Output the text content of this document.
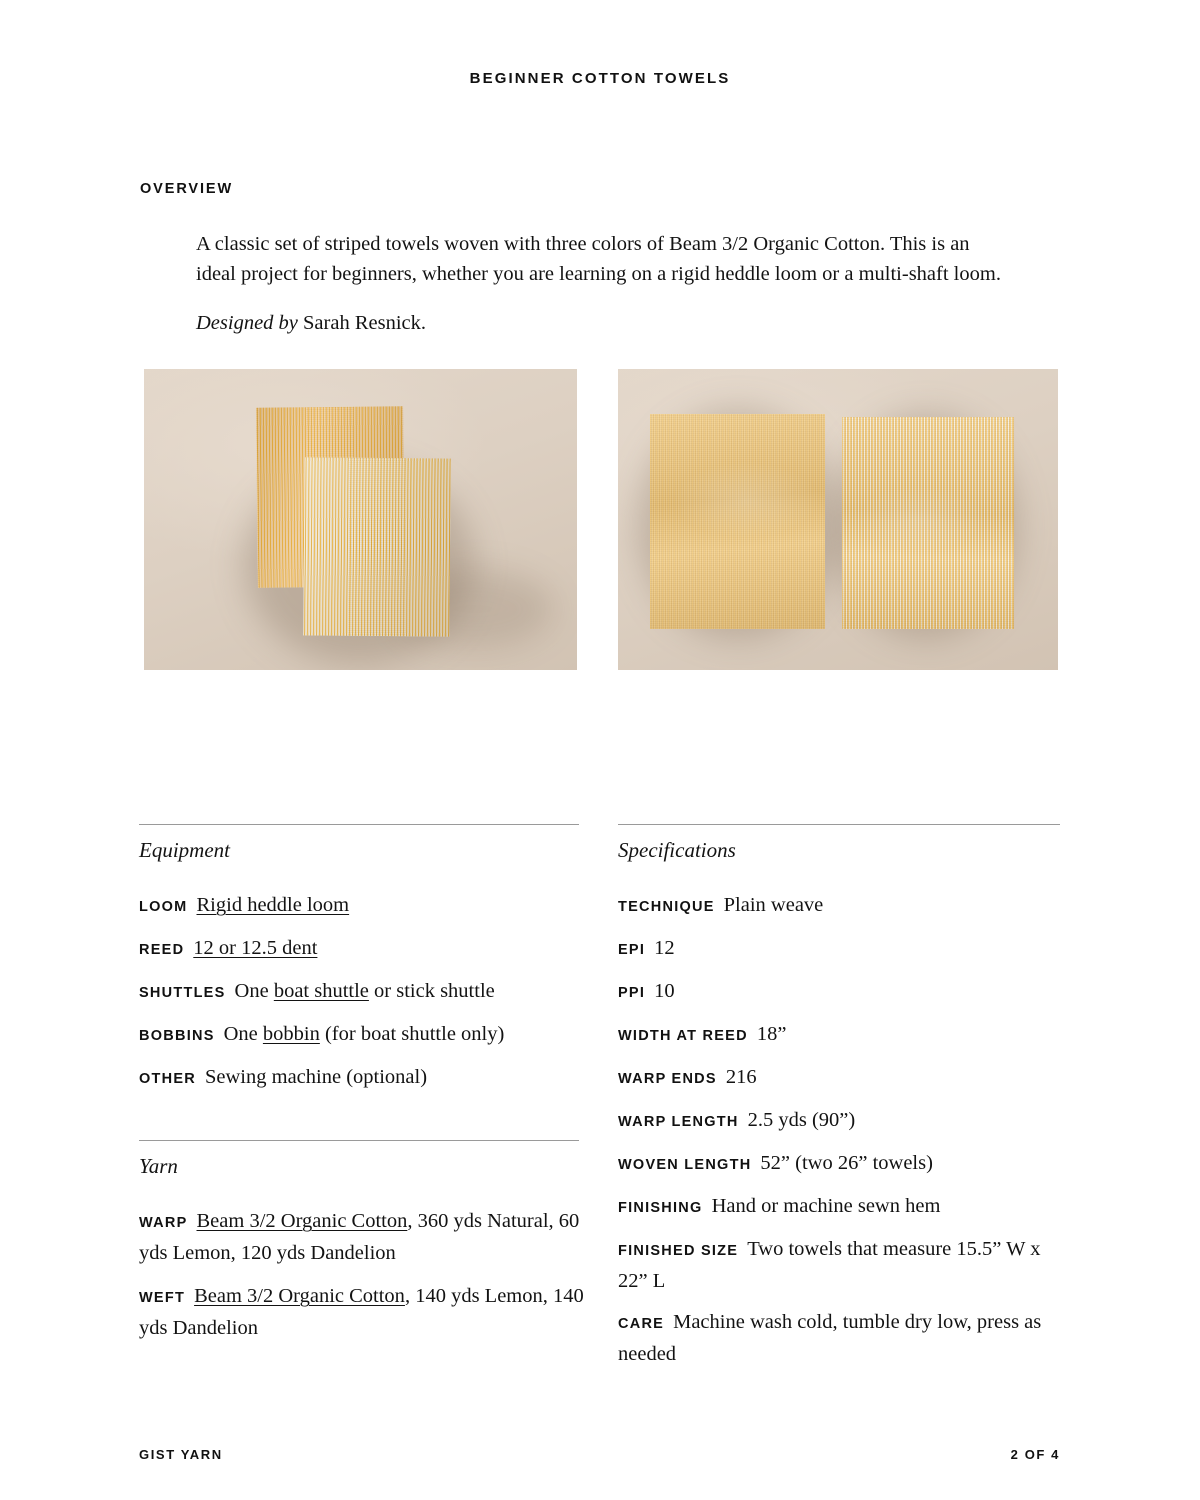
BEGINNER COTTON TOWELS
OVERVIEW

A classic set of striped towels woven with three colors of Beam 3/2 Organic Cotton. This is an ideal project for beginners, whether you are learning on a rigid heddle loom or a multi-shaft loom.

Designed by Sarah Resnick.

Equipment
LOOM Rigid heddle loom
REED 12 or 12.5 dent
SHUTTLES One boat shuttle or stick shuttle
BOBBINS One bobbin (for boat shuttle only)
OTHER Sewing machine (optional)
Yarn
WARP Beam 3/2 Organic Cotton, 360 yds Natural, 60 yds Lemon, 120 yds Dandelion
WEFT Beam 3/2 Organic Cotton, 140 yds Lemon, 140 yds Dandelion
Specifications
TECHNIQUE Plain weave
EPI 12
PPI 10
WIDTH AT REED 18”
WARP ENDS 216
WARP LENGTH 2.5 yds (90”)
WOVEN LENGTH 52” (two 26” towels)
FINISHING Hand or machine sewn hem
FINISHED SIZE Two towels that measure 15.5” W x 22” L
CARE Machine wash cold, tumble dry low, press as needed
GIST YARN	2 OF 4
